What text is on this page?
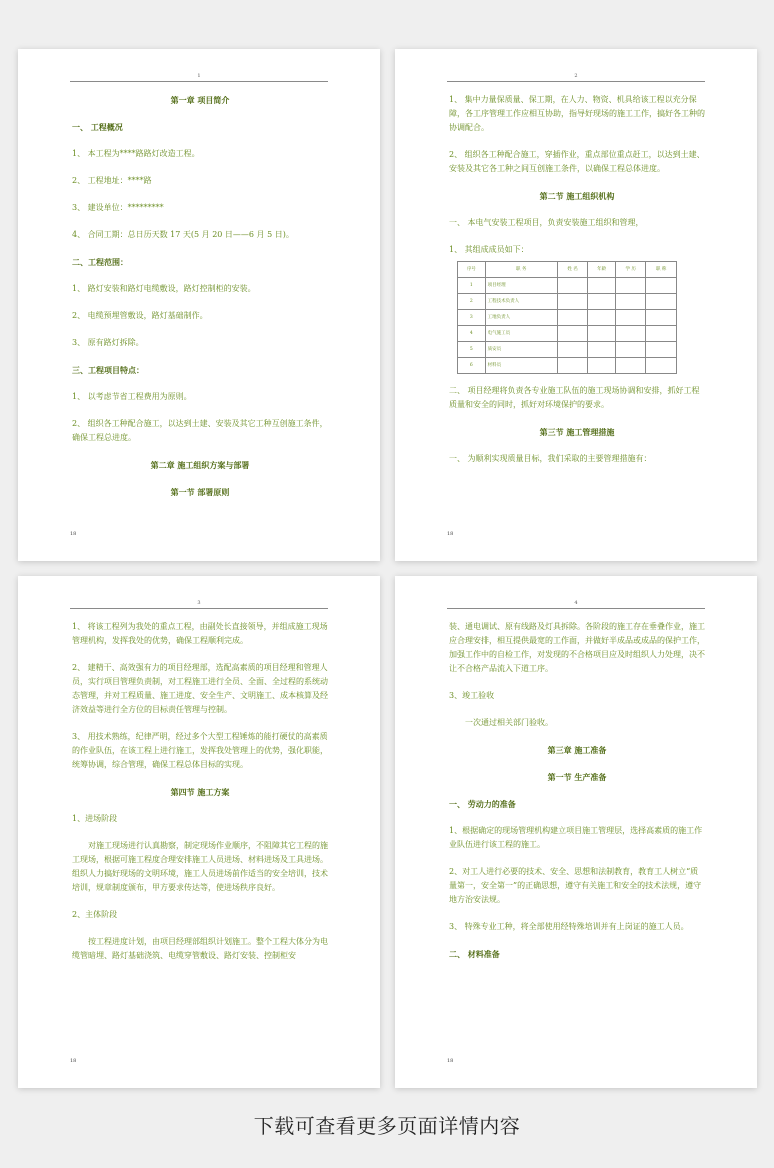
1
第一章 项目简介
一、 工程概况
1、 本工程为****路路灯改造工程。
2、 工程地址：****路
3、 建设单位：*********
4、 合同工期：总日历天数 17 天(5 月 20 日——6 月 5 日)。
二、工程范围：
1、 路灯安装和路灯电缆敷设，路灯控制柜的安装。
2、 电缆预埋管敷设，路灯基础制作。
3、 原有路灯拆除。
三、工程项目特点：
1、 以考虑节省工程费用为原则。
2、 组织各工种配合施工，以达到土建、安装及其它工种互创施工条件，确保工程总进度。
第二章 施工组织方案与部署
第一节 部署原则
18
2
1、 集中力量保质量、保工期，在人力、物资、机具给该工程以充分保障，各工序管理工作应相互协助，指导好现场的施工工作，搞好各工种的协调配合。
2、 组织各工种配合施工，穿插作业，重点部位重点赶工，以达到土建、安装及其它各工种之间互创施工条件，以确保工程总体进度。
第二节 施工组织机构
一、 本电气安装工程项目，负责安装施工组织和管理，
1、 其组成成员如下：
序号	职 务	姓 名	年龄	学 历	职 称
1	项目经理				
2	工程技术负责人				
3	工地负责人				
4	电气施工员				
5	质安员				
6	材料员				
二、 项目经理将负责各专业施工队伍的施工现场协调和安排，抓好工程质量和安全的同时，抓好对环境保护的要求。
第三节 施工管理措施
一、 为顺利实现质量目标，我们采取的主要管理措施有：
18
3
1、 将该工程列为我处的重点工程，由副处长直接领导，并组成施工现场管理机构，发挥我处的优势，确保工程顺利完成。
2、 建精干、高效强有力的项目经理部，选配高素质的项目经理和管理人员，实行项目管理负责制，对工程施工进行全员、全面、全过程的系统动态管理，并对工程质量、施工进度、安全生产、文明施工、成本核算及经济效益等进行全方位的目标责任管理与控制。
3、 用技术熟练，纪律严明，经过多个大型工程锤炼的能打硬仗的高素质的作业队伍，在该工程上进行施工，发挥我处管理上的优势，强化职能，统筹协调，综合管理，确保工程总体目标的实现。
第四节 施工方案
1、进场阶段
对施工现场进行认真勘察，制定现场作业顺序，不阻障其它工程的施工现场，根据可施工程度合理安排施工人员进场、材料进场及工具进场。组织人力搞好现场的文明环境，施工人员进场前作适当的安全培训，技术培训，规章制度颁布，甲方要求传达等，使进场秩序良好。
2、主体阶段
按工程进度计划，由项目经理部组织计划施工。整个工程大体分为电缆管暗埋、路灯基础浇筑、电缆穿管敷设、路灯安装、控制柜安
18
4
装、通电调试、原有线路及灯具拆除。各阶段的施工存在垂叠作业，施工应合理安排，相互提供最宽的工作面，并做好半成品或成品的保护工作，加强工作中的自检工作，对发现的不合格项目应及时组织人力处理，决不让不合格产品流入下道工序。
3、竣工验收
一次通过相关部门验收。
第三章 施工准备
第一节 生产准备
一、 劳动力的准备
1、根据确定的现场管理机构建立项目施工管理层，选择高素质的施工作业队伍进行该工程的施工。
2、对工人进行必要的技术、安全、思想和法制教育，教育工人树立“质量第一，安全第一”的正确思想，遵守有关施工和安全的技术法规，遵守地方治安法规。
3、 特殊专业工种，将全部使用经特殊培训并有上岗证的施工人员。
二、 材料准备
18
下载可查看更多页面详情内容
